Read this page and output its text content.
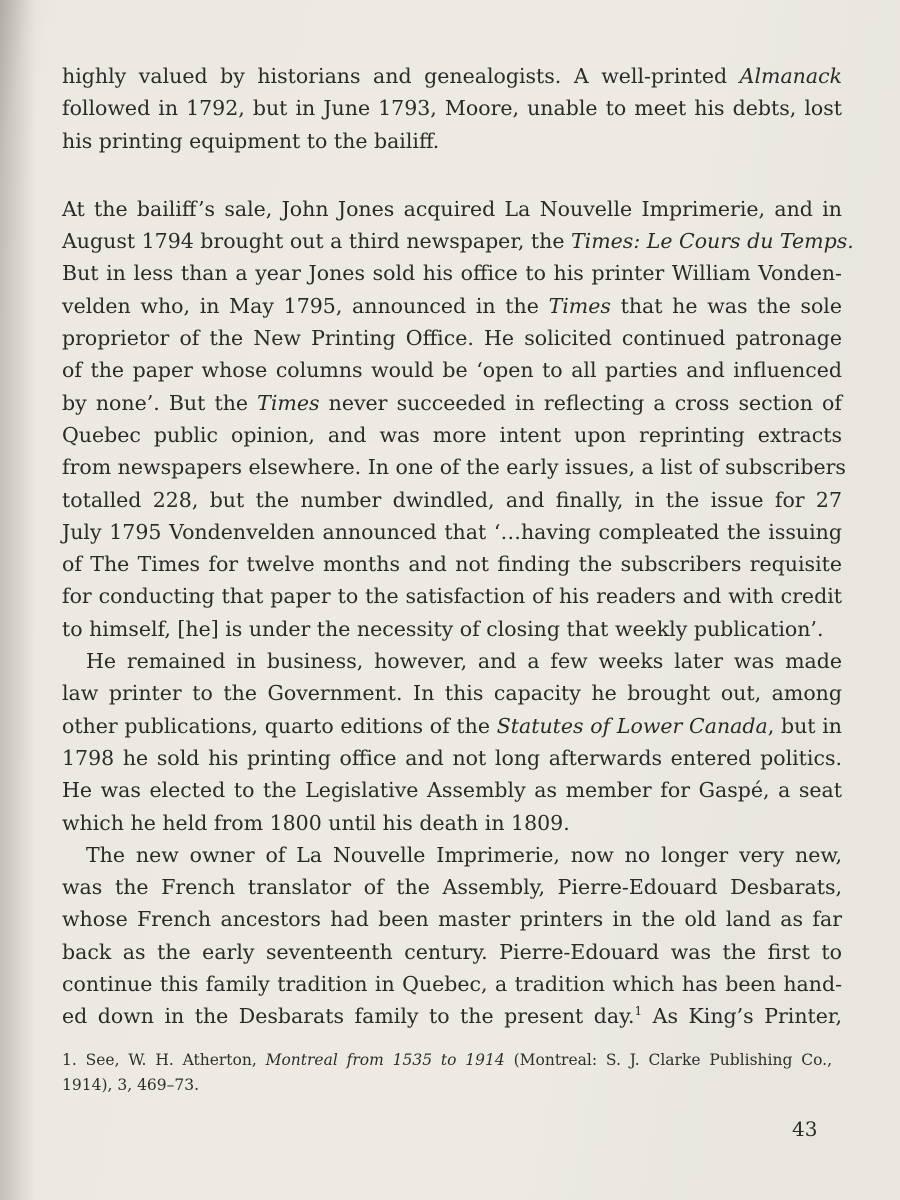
highly valued by historians and genealogists. A well-printed Almanack
followed in 1792, but in June 1793, Moore, unable to meet his debts, lost
his printing equipment to the bailiff.
At the bailiff’s sale, John Jones acquired La Nouvelle Imprimerie, and in
August 1794 brought out a third newspaper, the Times: Le Cours du Temps.
But in less than a year Jones sold his office to his printer William Vonden-
velden who, in May 1795, announced in the Times that he was the sole
proprietor of the New Printing Office. He solicited continued patronage
of the paper whose columns would be ‘open to all parties and influenced
by none’. But the Times never succeeded in reflecting a cross section of
Quebec public opinion, and was more intent upon reprinting extracts
from newspapers elsewhere. In one of the early issues, a list of subscribers
totalled 228, but the number dwindled, and finally, in the issue for 27
July 1795 Vondenvelden announced that ‘…having compleated the issuing
of The Times for twelve months and not finding the subscribers requisite
for conducting that paper to the satisfaction of his readers and with credit
to himself, [he] is under the necessity of closing that weekly publication’.
He remained in business, however, and a few weeks later was made
law printer to the Government. In this capacity he brought out, among
other publications, quarto editions of the Statutes of Lower Canada, but in
1798 he sold his printing office and not long afterwards entered politics.
He was elected to the Legislative Assembly as member for Gaspé, a seat
which he held from 1800 until his death in 1809.
The new owner of La Nouvelle Imprimerie, now no longer very new,
was the French translator of the Assembly, Pierre-Edouard Desbarats,
whose French ancestors had been master printers in the old land as far
back as the early seventeenth century. Pierre-Edouard was the first to
continue this family tradition in Quebec, a tradition which has been hand-
ed down in the Desbarats family to the present day.$^1$ As King’s Printer,
1. See, W. H. Atherton, Montreal from 1535 to 1914 (Montreal: S. J. Clarke Publishing Co.,
1914), 3, 469–73.
43
